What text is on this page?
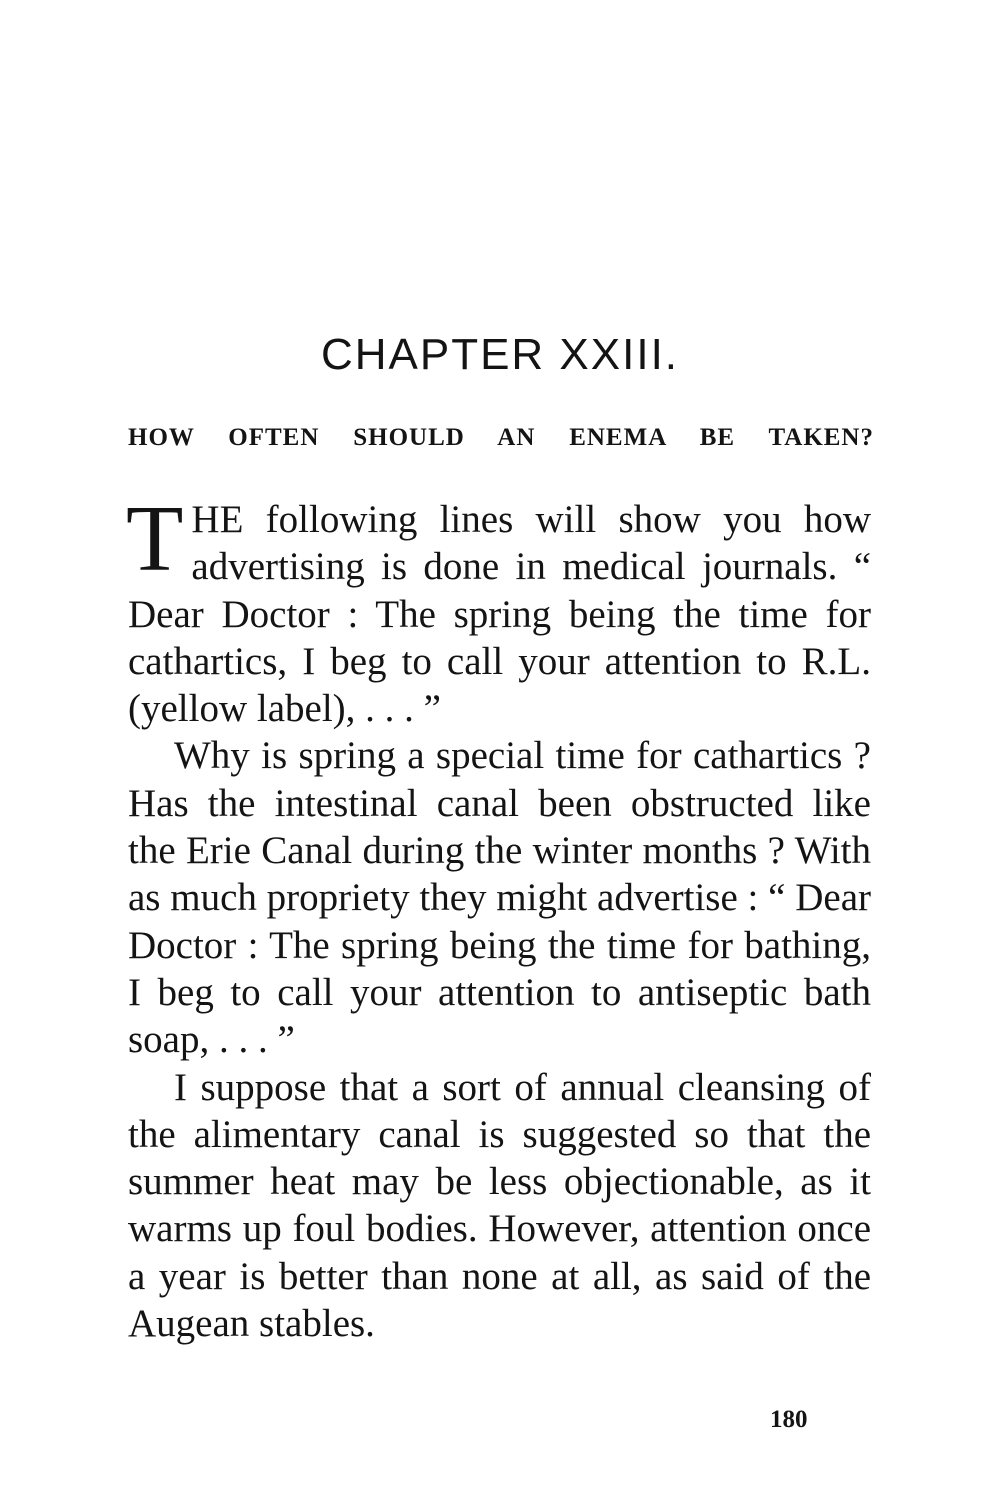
CHAPTER XXIII.
HOW OFTEN SHOULD AN ENEMA BE TAKEN?

T HE following lines will show you how advertising is done in medical journals. “ Dear Doctor : The spring being the time for cathartics, I beg to call your attention to R.L. (yellow label), . . . ”

Why is spring a special time for cathartics ? Has the intestinal canal been obstructed like the Erie Canal during the winter months ? With as much propriety they might advertise : “ Dear Doctor : The spring being the time for bathing, I beg to call your attention to antiseptic bath soap, . . . ”

I suppose that a sort of annual cleansing of the alimentary canal is suggested so that the summer heat may be less objectionable, as it warms up foul bodies. However, attention once a year is better than none at all, as said of the Augean stables.

180
